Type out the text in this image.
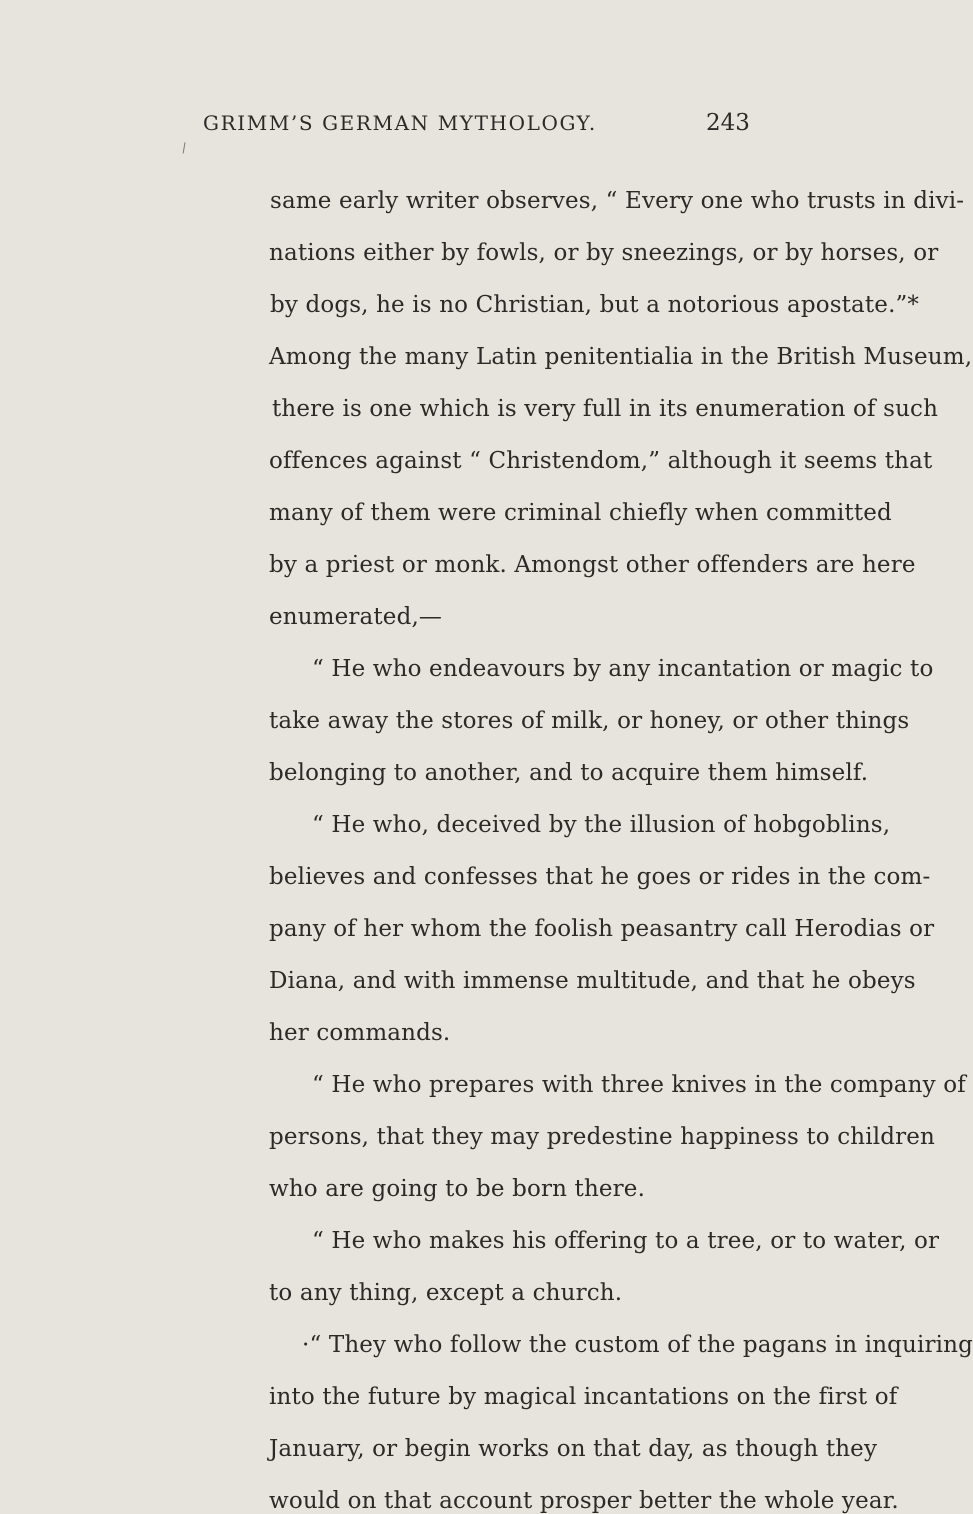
GRIMM’S GERMAN MYTHOLOGY.	243
/
same early writer observes, “ Every one who trusts in divi-
nations either by fowls, or by sneezings, or by horses, or
by dogs, he is no Christian, but a notorious apostate.”*
Among the many Latin penitentialia in the British Museum,
there is one which is very full in its enumeration of such
offences against “ Christendom,” although it seems that
many of them were criminal chiefly when committed
by a priest or monk. Amongst other offenders are here
enumerated,—
“ He who endeavours by any incantation or magic to
take away the stores of milk, or honey, or other things
belonging to another, and to acquire them himself.
“ He who, deceived by the illusion of hobgoblins,
believes and confesses that he goes or rides in the com-
pany of her whom the foolish peasantry call Herodias or
Diana, and with immense multitude, and that he obeys
her commands.
“ He who prepares with three knives in the company of
persons, that they may predestine happiness to children
who are going to be born there.
“ He who makes his offering to a tree, or to water, or
to any thing, except a church.
·“ They who follow the custom of the pagans in inquiring
into the future by magical incantations on the first of
January, or begin works on that day, as though they
would on that account prosper better the whole year.
